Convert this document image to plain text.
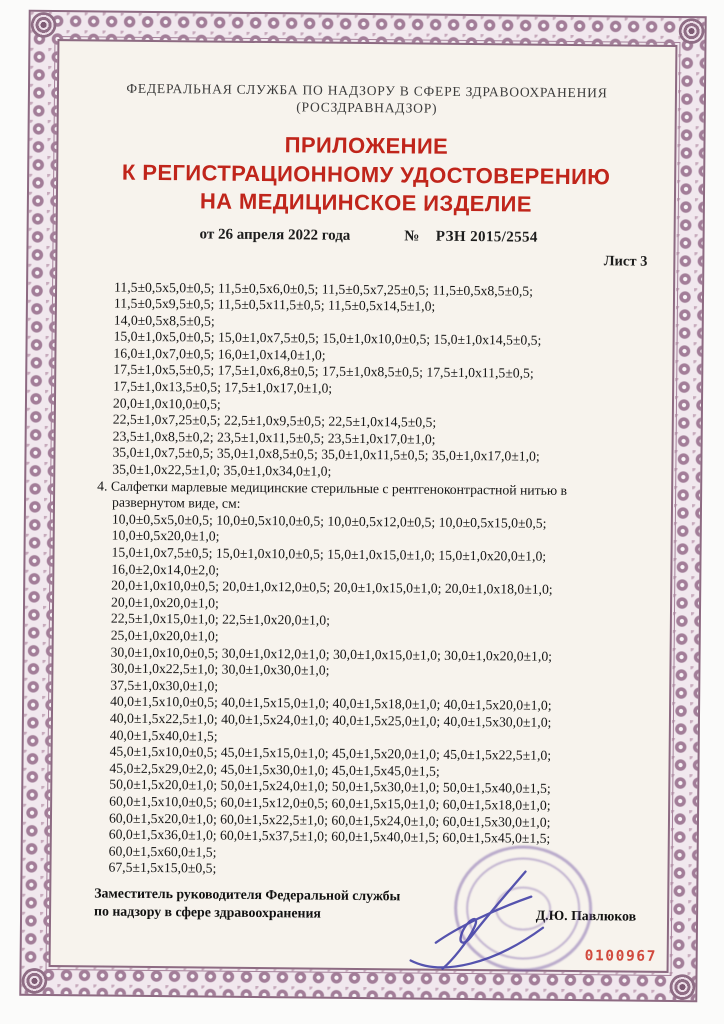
ФЕДЕРАЛЬНАЯ СЛУЖБА ПО НАДЗОРУ В СФЕРЕ ЗДРАВООХРАНЕНИЯ
(РОСЗДРАВНАДЗОР)
ПРИЛОЖЕНИЕ
К РЕГИСТРАЦИОННОМУ УДОСТОВЕРЕНИЮ
НА МЕДИЦИНСКОЕ ИЗДЕЛИЕ
от 26 апреля 2022 года	№ РЗН 2015/2554
Лист 3
11,5±0,5x5,0±0,5; 11,5±0,5x6,0±0,5; 11,5±0,5x7,25±0,5; 11,5±0,5x8,5±0,5;
11,5±0,5x9,5±0,5; 11,5±0,5x11,5±0,5; 11,5±0,5x14,5±1,0;
14,0±0,5x8,5±0,5;
15,0±1,0x5,0±0,5; 15,0±1,0x7,5±0,5; 15,0±1,0x10,0±0,5; 15,0±1,0x14,5±0,5;
16,0±1,0x7,0±0,5; 16,0±1,0x14,0±1,0;
17,5±1,0x5,5±0,5; 17,5±1,0x6,8±0,5; 17,5±1,0x8,5±0,5; 17,5±1,0x11,5±0,5;
17,5±1,0x13,5±0,5; 17,5±1,0x17,0±1,0;
20,0±1,0x10,0±0,5;
22,5±1,0x7,25±0,5; 22,5±1,0x9,5±0,5; 22,5±1,0x14,5±0,5;
23,5±1,0x8,5±0,2; 23,5±1,0x11,5±0,5; 23,5±1,0x17,0±1,0;
35,0±1,0x7,5±0,5; 35,0±1,0x8,5±0,5; 35,0±1,0x11,5±0,5; 35,0±1,0x17,0±1,0;
35,0±1,0x22,5±1,0; 35,0±1,0x34,0±1,0;
4. Салфетки марлевые медицинские стерильные с рентгеноконтрастной нитью в
развернутом виде, см:
10,0±0,5x5,0±0,5; 10,0±0,5x10,0±0,5; 10,0±0,5x12,0±0,5; 10,0±0,5x15,0±0,5;
10,0±0,5x20,0±1,0;
15,0±1,0x7,5±0,5; 15,0±1,0x10,0±0,5; 15,0±1,0x15,0±1,0; 15,0±1,0x20,0±1,0;
16,0±2,0x14,0±2,0;
20,0±1,0x10,0±0,5; 20,0±1,0x12,0±0,5; 20,0±1,0x15,0±1,0; 20,0±1,0x18,0±1,0;
20,0±1,0x20,0±1,0;
22,5±1,0x15,0±1,0; 22,5±1,0x20,0±1,0;
25,0±1,0x20,0±1,0;
30,0±1,0x10,0±0,5; 30,0±1,0x12,0±1,0; 30,0±1,0x15,0±1,0; 30,0±1,0x20,0±1,0;
30,0±1,0x22,5±1,0; 30,0±1,0x30,0±1,0;
37,5±1,0x30,0±1,0;
40,0±1,5x10,0±0,5; 40,0±1,5x15,0±1,0; 40,0±1,5x18,0±1,0; 40,0±1,5x20,0±1,0;
40,0±1,5x22,5±1,0; 40,0±1,5x24,0±1,0; 40,0±1,5x25,0±1,0; 40,0±1,5x30,0±1,0;
40,0±1,5x40,0±1,5;
45,0±1,5x10,0±0,5; 45,0±1,5x15,0±1,0; 45,0±1,5x20,0±1,0; 45,0±1,5x22,5±1,0;
45,0±2,5x29,0±2,0; 45,0±1,5x30,0±1,0; 45,0±1,5x45,0±1,5;
50,0±1,5x20,0±1,0; 50,0±1,5x24,0±1,0; 50,0±1,5x30,0±1,0; 50,0±1,5x40,0±1,5;
60,0±1,5x10,0±0,5; 60,0±1,5x12,0±0,5; 60,0±1,5x15,0±1,0; 60,0±1,5x18,0±1,0;
60,0±1,5x20,0±1,0; 60,0±1,5x22,5±1,0; 60,0±1,5x24,0±1,0; 60,0±1,5x30,0±1,0;
60,0±1,5x36,0±1,0; 60,0±1,5x37,5±1,0; 60,0±1,5x40,0±1,5; 60,0±1,5x45,0±1,5;
60,0±1,5x60,0±1,5;
67,5±1,5x15,0±0,5;
Заместитель руководителя Федеральной службы
по надзору в сфере здравоохранения	Д.Ю. Павлюков
0100967
